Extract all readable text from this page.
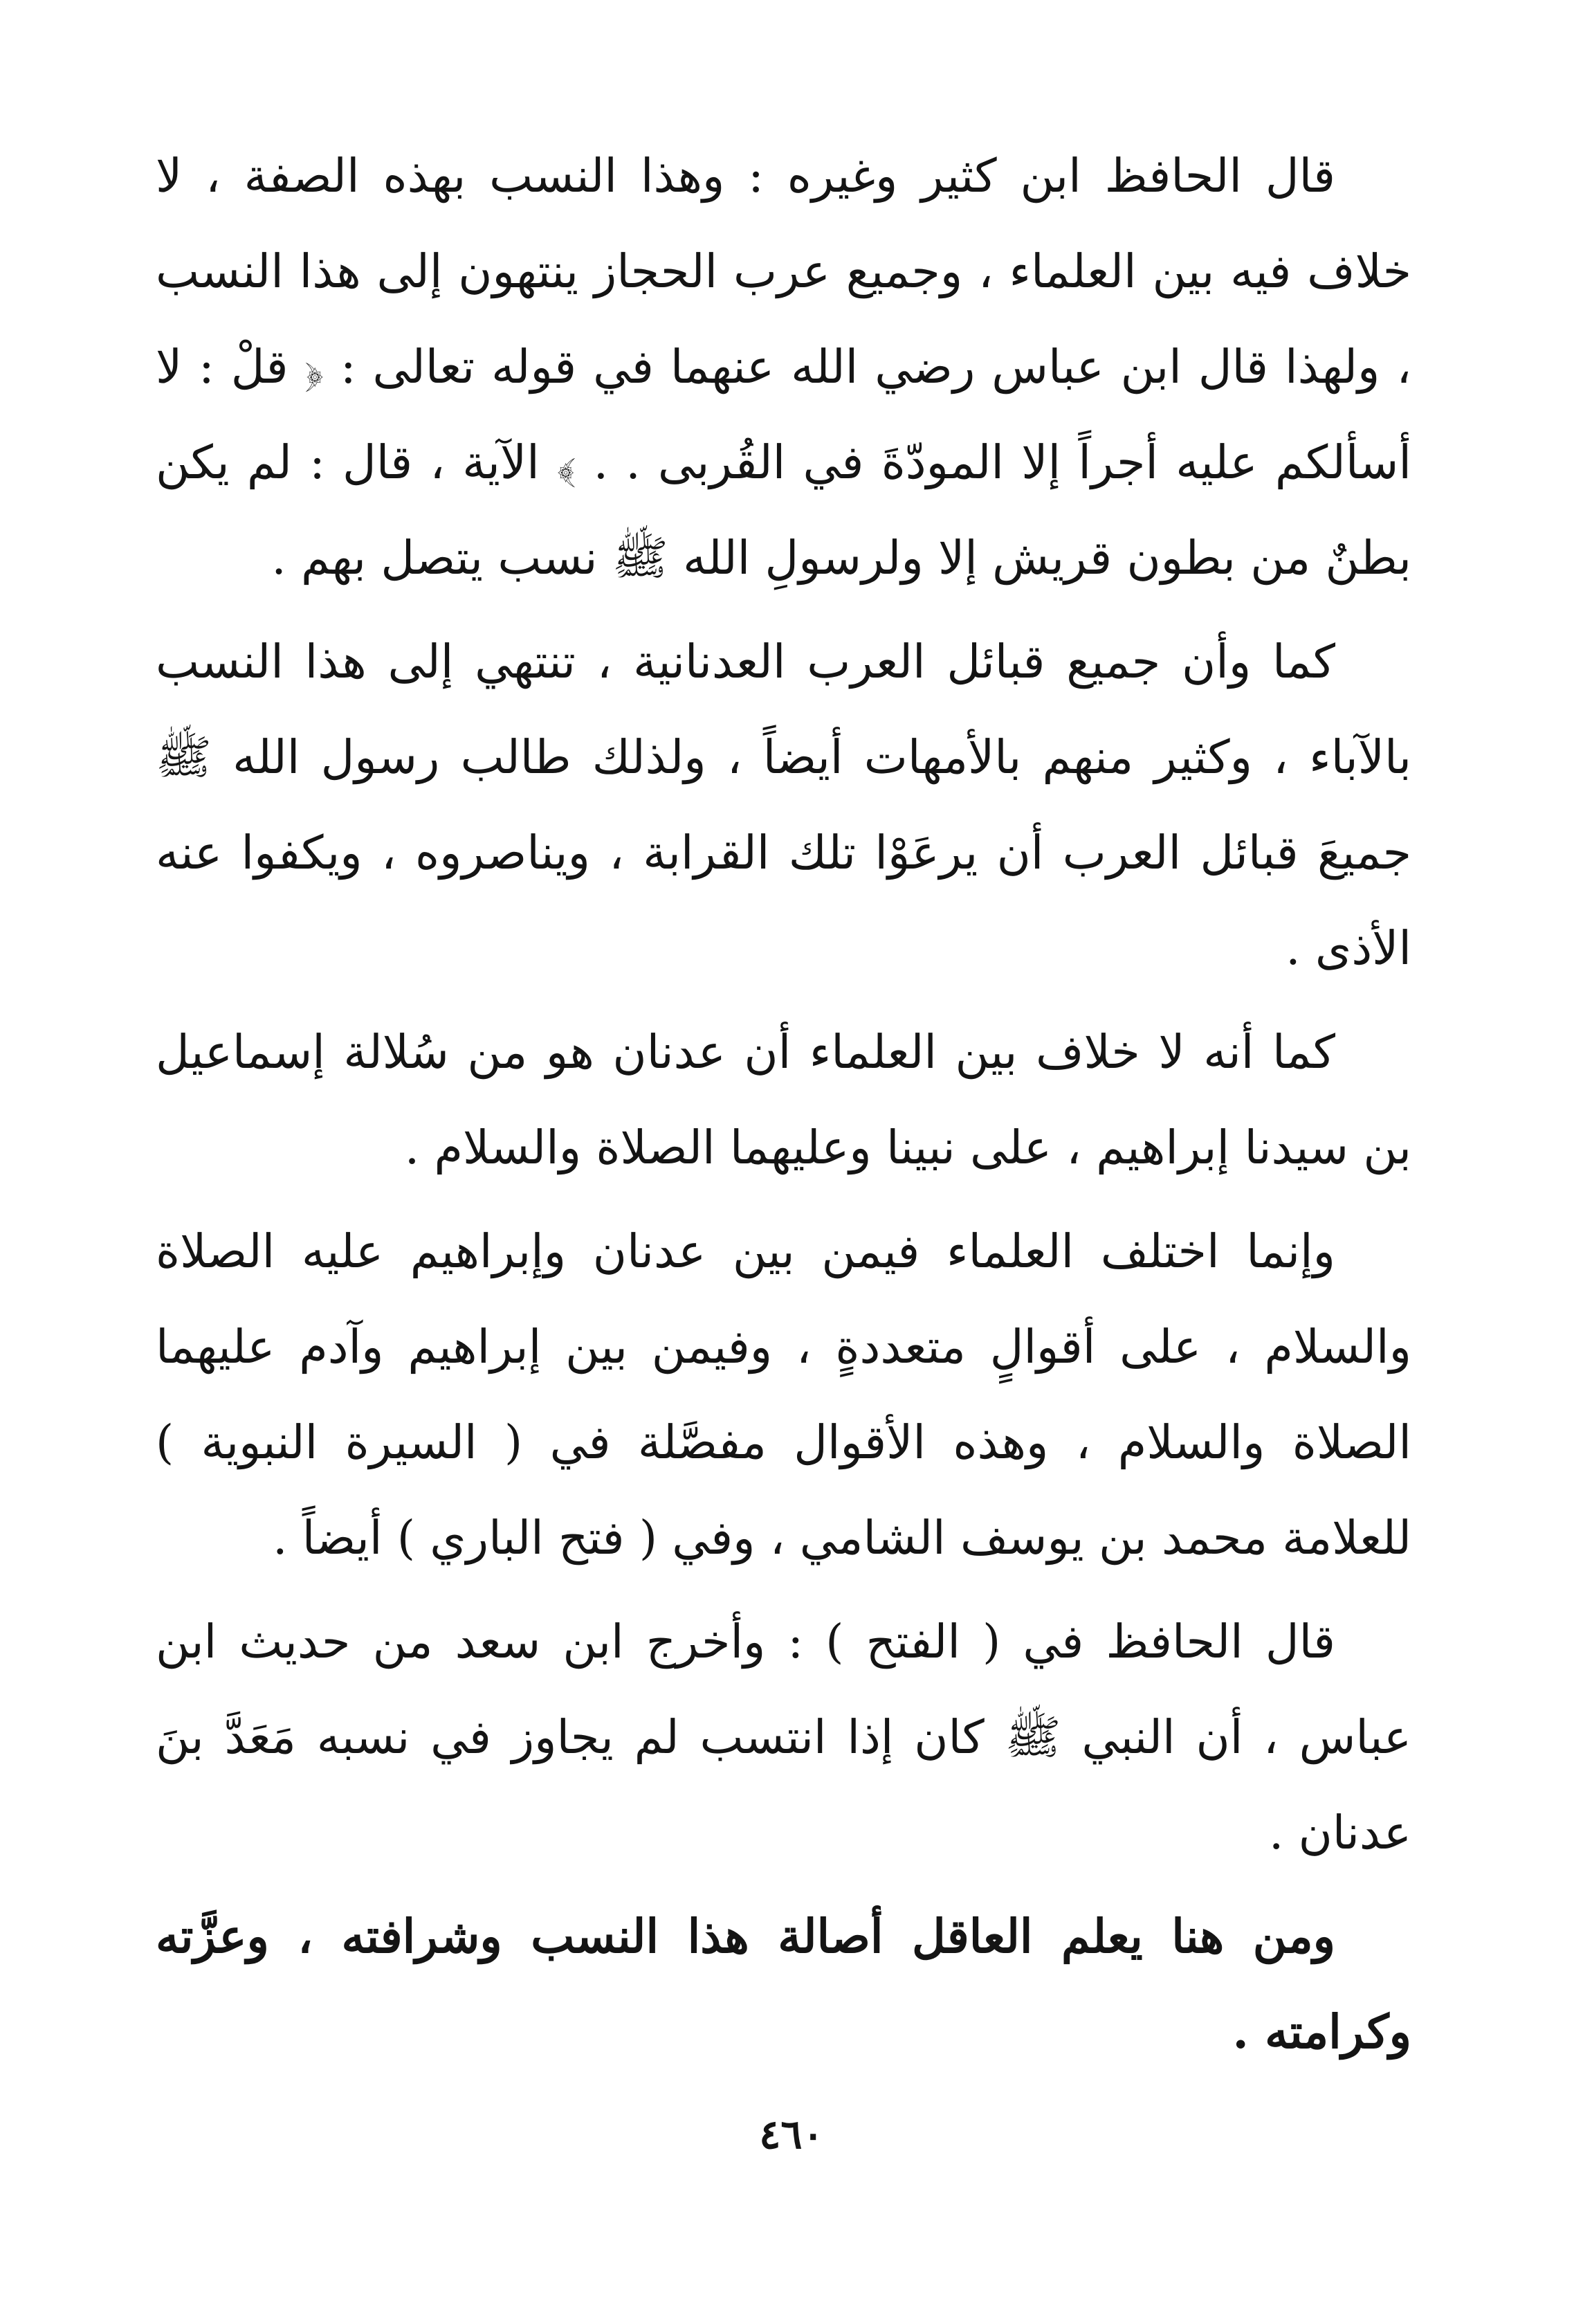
قال الحافظ ابن كثير وغيره : وهذا النسب بهذه الصفة ، لا خلاف فيه بين العلماء ، وجميع عرب الحجاز ينتهون إلى هذا النسب ، ولهذا قال ابن عباس رضي الله عنهما في قوله تعالى : ﴿ قلْ : لا أسألكم عليه أجراً إلا المودّةَ في القُربى . . ﴾ الآية ، قال : لم يكن بطنٌ من بطون قريش إلا ولرسولِ الله ﷺ نسب يتصل بهم .

كما وأن جميع قبائل العرب العدنانية ، تنتهي إلى هذا النسب بالآباء ، وكثير منهم بالأمهات أيضاً ، ولذلك طالب رسول الله ﷺ جميعَ قبائل العرب أن يرعَوْا تلك القرابة ، ويناصروه ، ويكفوا عنه الأذى .

كما أنه لا خلاف بين العلماء أن عدنان هو من سُلالة إسماعيل بن سيدنا إبراهيم ، على نبينا وعليهما الصلاة والسلام .

وإنما اختلف العلماء فيمن بين عدنان وإبراهيم عليه الصلاة والسلام ، على أقوالٍ متعددةٍ ، وفيمن بين إبراهيم وآدم عليهما الصلاة والسلام ، وهذه الأقوال مفصَّلة في ( السيرة النبوية ) للعلامة محمد بن يوسف الشامي ، وفي ( فتح الباري ) أيضاً .

قال الحافظ في ( الفتح ) : وأخرج ابن سعد من حديث ابن عباس ، أن النبي ﷺ كان إذا انتسب لم يجاوز في نسبه مَعَدَّ بنَ عدنان .

ومن هنا يعلم العاقل أصالة هذا النسب وشرافته ، وعزَّته وكرامته .

٤٦٠
